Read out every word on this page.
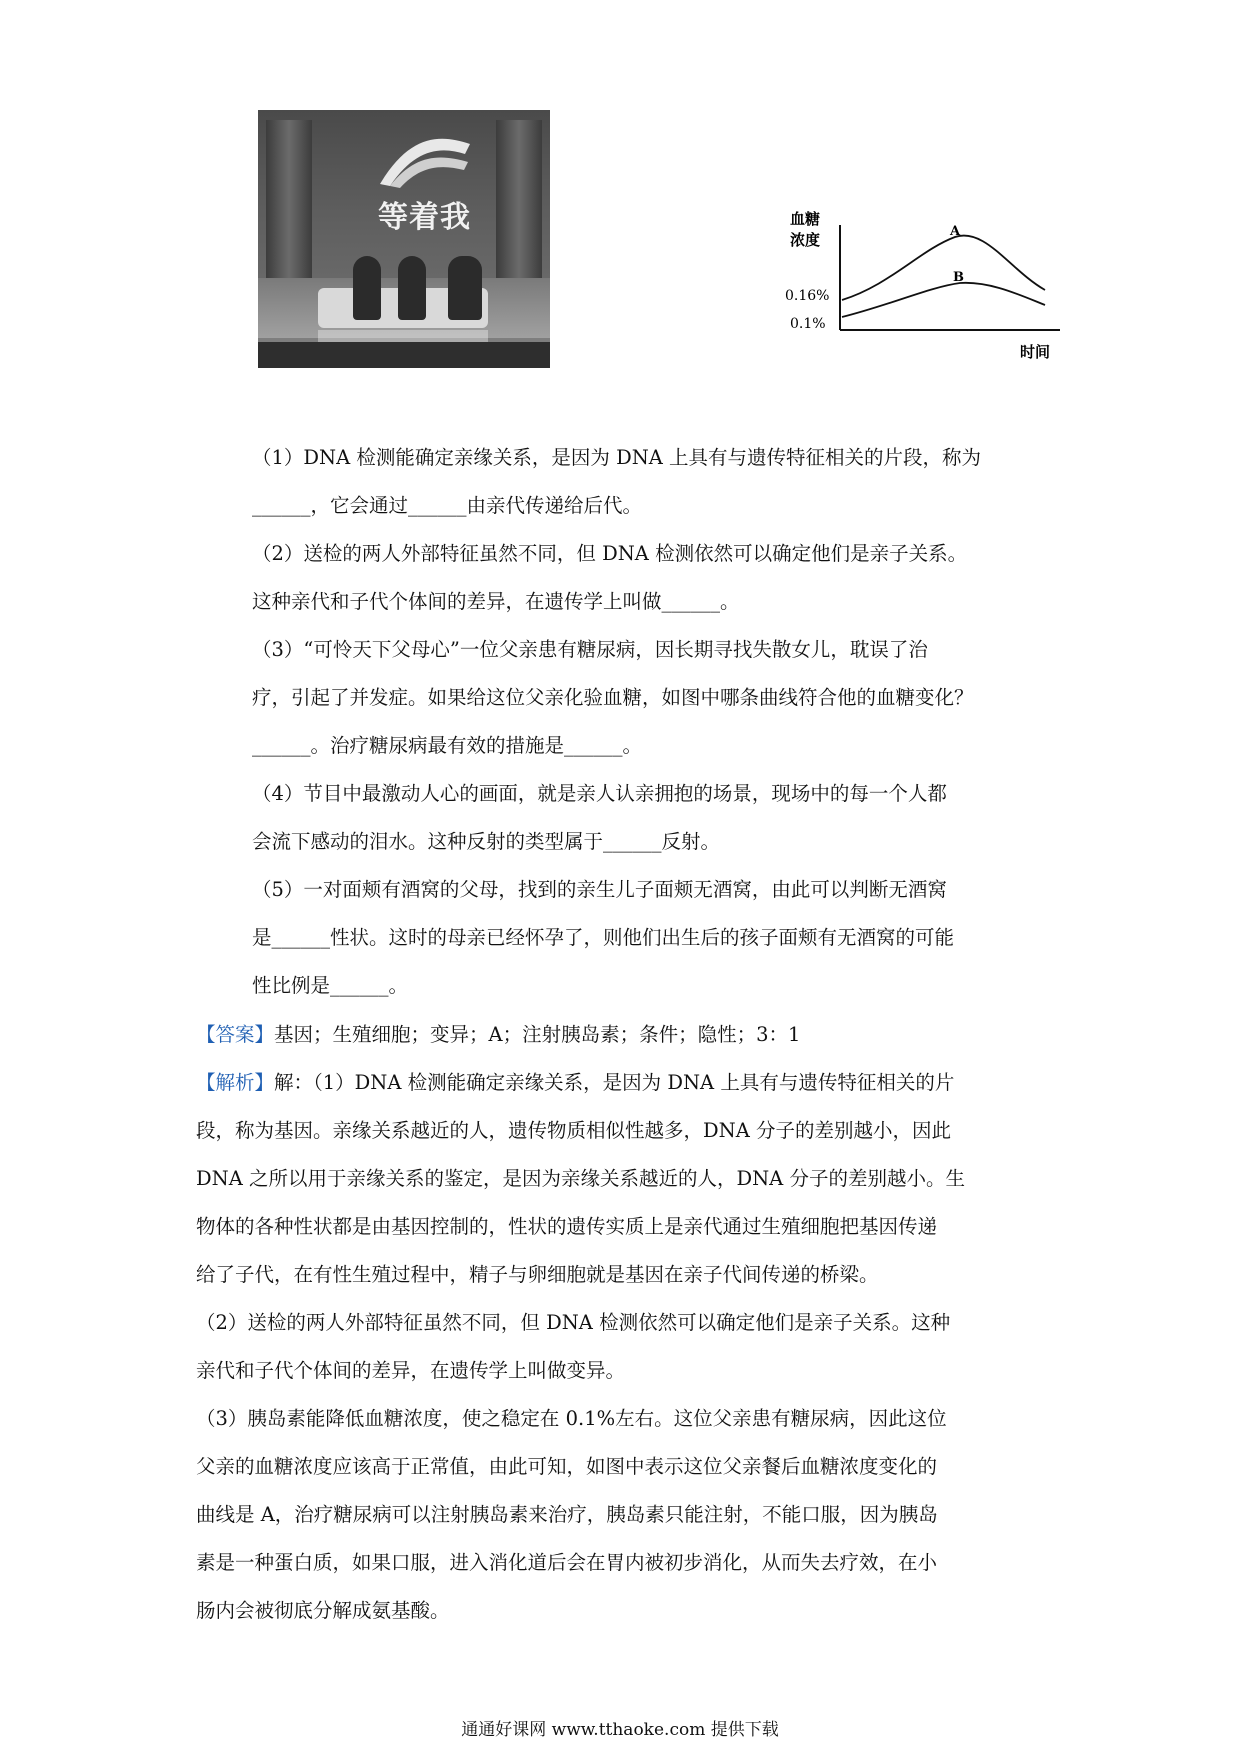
等着我	血糖
浓度
0.16%
0.1%
A
B
时间
（1）DNA 检测能确定亲缘关系，是因为 DNA 上具有与遗传特征相关的片段，称为
______，它会通过______由亲代传递给后代。
（2）送检的两人外部特征虽然不同，但 DNA 检测依然可以确定他们是亲子关系。
这种亲代和子代个体间的差异，在遗传学上叫做______。
（3）“可怜天下父母心”一位父亲患有糖尿病，因长期寻找失散女儿，耽误了治
疗，引起了并发症。如果给这位父亲化验血糖，如图中哪条曲线符合他的血糖变化？
______。治疗糖尿病最有效的措施是______。
（4）节目中最激动人心的画面，就是亲人认亲拥抱的场景，现场中的每一个人都
会流下感动的泪水。这种反射的类型属于______反射。
（5）一对面颊有酒窝的父母，找到的亲生儿子面颊无酒窝，由此可以判断无酒窝
是______性状。这时的母亲已经怀孕了，则他们出生后的孩子面颊有无酒窝的可能
性比例是______。
【答案】基因；生殖细胞；变异；A；注射胰岛素；条件；隐性；3：1
【解析】解：（1）DNA 检测能确定亲缘关系，是因为 DNA 上具有与遗传特征相关的片
段，称为基因。亲缘关系越近的人，遗传物质相似性越多，DNA 分子的差别越小，因此
DNA 之所以用于亲缘关系的鉴定，是因为亲缘关系越近的人，DNA 分子的差别越小。生
物体的各种性状都是由基因控制的，性状的遗传实质上是亲代通过生殖细胞把基因传递
给了子代，在有性生殖过程中，精子与卵细胞就是基因在亲子代间传递的桥梁。
（2）送检的两人外部特征虽然不同，但 DNA 检测依然可以确定他们是亲子关系。这种
亲代和子代个体间的差异，在遗传学上叫做变异。
（3）胰岛素能降低血糖浓度，使之稳定在 0.1%左右。这位父亲患有糖尿病，因此这位
父亲的血糖浓度应该高于正常值，由此可知，如图中表示这位父亲餐后血糖浓度变化的
曲线是 A，治疗糖尿病可以注射胰岛素来治疗，胰岛素只能注射，不能口服，因为胰岛
素是一种蛋白质，如果口服，进入消化道后会在胃内被初步消化，从而失去疗效，在小
肠内会被彻底分解成氨基酸。
通通好课网 www.tthaoke.com 提供下载
